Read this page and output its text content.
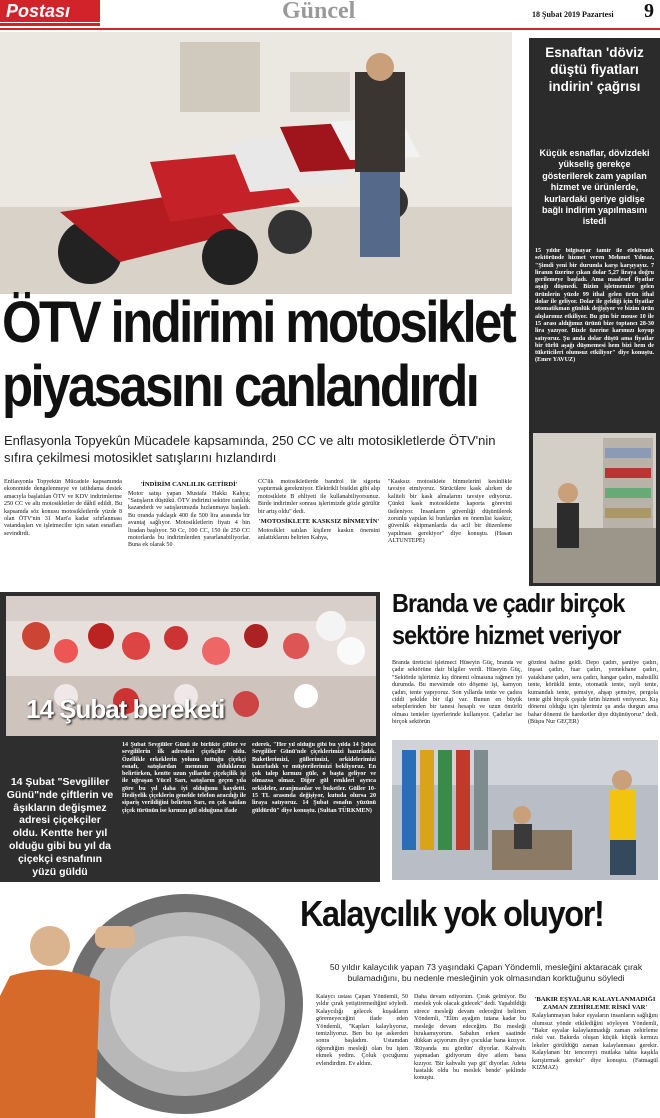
Postası	Güncel	18 Şubat 2019 Pazartesi 9
ÖTV indirimi motosiklet
piyasasını canlandırdı
Enflasyonla Topyekûn Mücadele kapsamında, 250 CC ve altı motosikletlerde ÖTV'nin sıfıra çekilmesi motosiklet satışlarını hızlandırdı

Enflasyonla Topyekûn Mücadele kapsamında ekonomide dengelenmeye ve istihdama destek amacıyla başlatılan ÖTV ve KDV indirimlerine 250 CC ve altı motosikletler de dâhil edildi. Bu kapsamda söz konusu motosikletlerde yüzde 8 olan ÖTV'nin 31 Mart'a kadar sıfırlanması vatandaşları ve işletmeciler için satan esnafları sevindirdi.

'İNDİRİM CANLILIK GETİRDİ'

Motor satışı yapan Mustafa Hakkı Kahya; "Satışların düştükü. ÖTV indirimi sektöre canlılık kazandırdı ve satışlarımızda hızlanmaya başladı. Bu oranda yaklaşık 400 ile 500 lira arasında bir avantaj sağlıyor. Motosikletlerin fiyatı 4 bin liradan başlıyor. 50 Cc, 100 CC, 150 ile 250 CC motorlarda bu indirimlerden yararlanabiliyorlar. Buna ek olarak 50

CC'lik motosikletlerde bandrol ile sigorta yaptırmak gerekmiyor. Elektrikli bisiklet gibi alıp motosiklete B ehliyeti ile kullanabiliyorsunuz. Birde indirimler sonrası işlerimizde gözle görülür bir artış oldu" dedi.

'MOTOSİKLETE KASKSIZ BİNMEYİN'

Motosiklet satılan kişilere kaskın önemini anlattıklarını belirten Kahya,

"Kasksız motosiklete binmelerini kesinlikle tavsiye etmiyoruz. Sürücülere kask alırken de kaliteli bir kask almalarını tavsiye ediyoruz. Çünkü kask motosiklette kaporta görevini üstleniyor. İnsanların güvenliği düşünülerek zorunlu yapılan ki bunlardan en önemlisi kasktır, güvenlik ekipmanlarda da acil bir düzenleme yapılması gerekiyor" diye konuştu. (Hasan ALTUNTEPE)

Esnaftan 'döviz düştü fiyatları indirin' çağrısı
Küçük esnaflar, dövizdeki yükseliş gerekçe gösterilerek zam yapılan hizmet ve ürünlerde, kurlardaki geriye gidişe bağlı indirim yapılmasını istedi
15 yıldır bilgisayar tamir ile elektronik sektöründe hizmet veren Mehmet Yılmaz, "Şimdi yeni bir durumla karşı karşıyayız. 7 liranın üzerine çıkan dolar 5,27 liraya doğru gerilemeye başladı. Ama maalesef fiyatlar aşağı düşmedi. Bizim işletmemize gelen ürünlerin yüzde 99 ithal gelen ürün ithal dolar ile geliyor. Dolar ile geldiği için fiyatlar otomatikman günlük değişiyor ve bizim ürün alışlarımız etkiliyor. Bu gün bir mouse 10 ile 15 arası aldığımız ürünü bize toptancı 28-30 lira yazıyor. Bizde üzerine karımızı koyup satıyoruz. Şu anda dolar düştü ama fiyatlar bir türlü aşağı düşmemesi hem bizi hem de tüketicileri olumsuz etkiliyor" diye konuştu. (Emre YAVUZ)
14 Şubat bereketi
14 Şubat "Sevgililer Günü"nde çiftlerin ve âşıkların değişmez adresi çiçekçiler oldu. Kentte her yıl olduğu gibi bu yıl da çiçekçi esnafının yüzü güldü
14 Şubat Sevgililer Günü ile birlikte çiftler ve sevgililerin ilk adresleri çiçekçiler oldu. Özellikle erkeklerin yolunu tuttuğu çiçekçi esnafı, satışlardan memnun olduklarını belirtirken, kentte uzun yıllardır çiçekçilik işi ile uğraşan Yücel Sarı, satışların geçen yıla göre bu yıl daha iyi olduğunu kaydetti. Hediyelik çiçeklerin genelde telefon aracılığı ile sipariş verildiğini belirten Sarı, en çok satılan çiçek türünün ise kırmızı gül olduğuna ifade
ederek, "Her yıl olduğu gibi bu yılda 14 Şubat Sevgililer Günü'nde çiçeklerimizi hazırladık. Buketlerimizi, güllerimizi, orkidelerimizi hazırladık ve müşterilerimizi bekliyoruz. En çok talep kırmızı güle, o başta geliyor ve olmazsa olmaz. Diğer gül renkleri ayrıca orkideler, aranjmanlar ve buketler. Güller 10-15 TL arasında değişiyor, kutuda olursa 20 liraya satıyoruz. 14 Şubat esnafın yüzünü güldürdü" diye konuştu. (Sultan TÜRKMEN)
Branda ve çadır birçok
sektöre hizmet veriyor

Branda üreticisi işletmeci Hüseyin Güç, branda ve çadır sektörüne dair bilgiler verdi. Hüseyin Güç, "Sektörde işlerimiz kış dönemi olmasına rağmen iyi durumda. Bu mevsimde oto döşeme işi, kamyon çadırı, tente yapıyoruz. Son yıllarda tente ve çadıra ciddi şekilde bir ilgi var. Bunun en büyük sebeplerinden bir tanesi hesaplı ve uzun ömürlü olması tenteler işyerlerinde kullanıyor. Çadırlar ise birçok sektörün

gözdesi haline geldi. Depo çadırı, şantiye çadırı, inşaat çadırı, fuar çadırı, yemekhane çadırı, yataklıane çadırı, sera çadırı, hangar çadırı, mahsüllü tente, körüklü tente, otomatik tente, rayli tente, kumandalı tente, şemsiye, ahşap şemsiye, pergola tente gibi birçok çeşide ürün hizmeti veriyoruz. Kış dönemi olduğu için işlerimiz şu anda durgun ama bahar dönemi ile hareketler diye düşünüyoruz" dedi. (Büşra Nur GEÇER)

Kalaycılık yok oluyor!
50 yıldır kalaycılık yapan 73 yaşındaki Çapan Yöndemli, mesleğini aktaracak çırak bulamadığını, bu nedenle mesleğinin yok olmasından korktuğunu söyledi

Kalaycı ustası Çapan Yöndemli, 50 yıldır çırak yetiştiremediğini söyledi. Kalaycılığı gelecek kuşakların göremeyeceğini ifade eden Yöndemli, "Kapları kalaylıyoruz, temizliyoruz. Ben bu işe askerden sonra başladım. Ustamdan öğrendiğim mesleği olan bu işten ekmek yedim. Çoluk çocuğumu evlendirdim. Ev aldım.

Daha devam ediyorum. Çırak gelmiyor. Bu meslek yok olacak gidecek" dedi. Yapabildiği sürece mesleği devam edeceğini belirten Yöndemli, "Elim ayağım tutana kadar bu mesleğe devam edeceğim. Bu mesleği bırakamıyorum. Sabahın erken saatinde dükkan açıyorum diye çocuklar bana kızıyor. 'Rüyanda mı gördün' diyorlar. Kahvaltı yapmadan gidiyorum diye ailem bana kızıyor. 'Bir kahvaltı yap git' diyorlar. Adeta hastalık oldu bu meslek bende' şeklinde konuştu.

'BAKIR EŞYALAR KALAYLANMADIĞI ZAMAN ZEHİRLEME RİSKİ VAR'

Kalaylanmayan bakır eşyaların insanların sağlığını olumsuz yönde etkilediğini söyleyen Yöndemli, "Bakır eşyalar kalaylanmadığı zaman zehirleme riski var. Bakırda oluşan küçük küçük kırmızı lekeler görüldüğü zaman kalaylanması gerekir. Kalaylanan bir tencereyi mutlaka tahta kaşıkla karıştırmak gerekir" diye konuştu. (Fatmagül KIZMAZ)
